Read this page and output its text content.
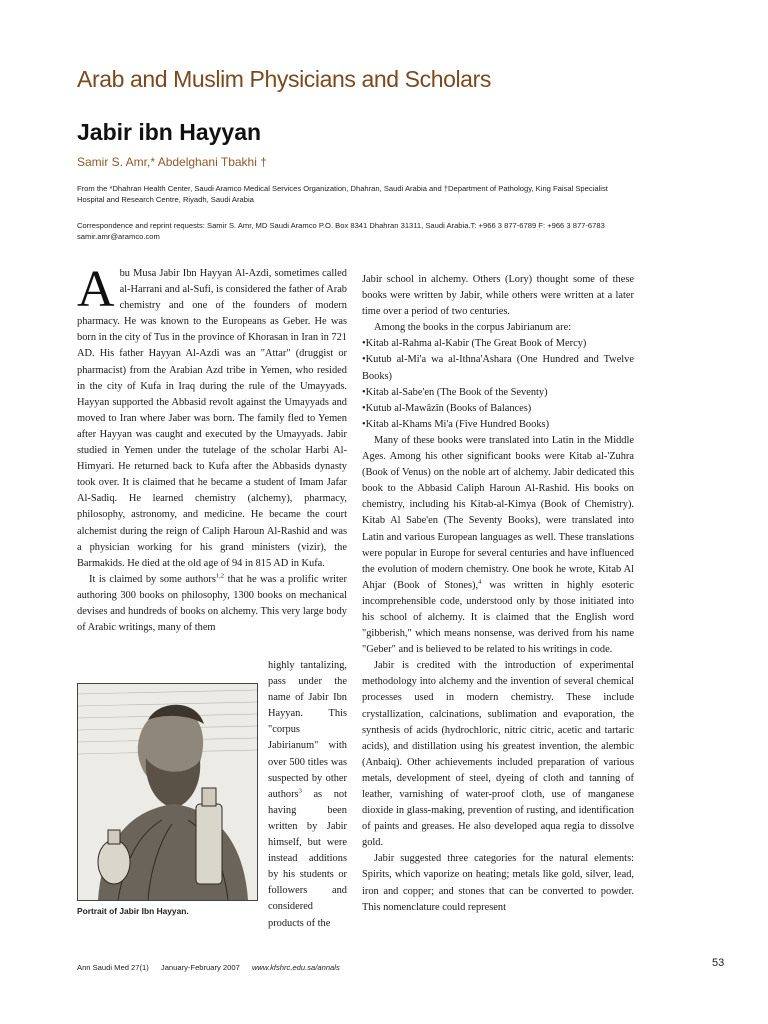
Arab and Muslim Physicians and Scholars
Jabir ibn Hayyan
Samir S. Amr,* Abdelghani Tbakhi †
From the *Dhahran Health Center, Saudi Aramco Medical Services Organization, Dhahran, Saudi Arabia and †Department of Pathology, King Faisal Specialist Hospital and Research Centre, Riyadh, Saudi Arabia
Correspondence and reprint requests: Samir S. Amr, MD Saudi Aramco P.O. Box 8341 Dhahran 31311, Saudi Arabia.T: +966 3 877-6789 F: +966 3 877-6783 samir.amr@aramco.com

Abu Musa Jabir Ibn Hayyan Al-Azdi, sometimes called al-Harrani and al-Sufi, is considered the father of Arab chemistry and one of the founders of modern pharmacy. He was known to the Europeans as Geber. He was born in the city of Tus in the province of Khorasan in Iran in 721 AD. His father Hayyan Al-Azdi was an "Attar" (druggist or pharmacist) from the Arabian Azd tribe in Yemen, who resided in the city of Kufa in Iraq during the rule of the Umayyads. Hayyan supported the Abbasid revolt against the Umayyads and moved to Iran where Jaber was born. The family fled to Yemen after Hayyan was caught and executed by the Umayyads. Jabir studied in Yemen under the tutelage of the scholar Harbi Al-Himyari. He returned back to Kufa after the Abbasids dynasty took over. It is claimed that he became a student of Imam Jafar Al-Sadiq. He learned chemistry (alchemy), pharmacy, philosophy, astronomy, and medicine. He became the court alchemist during the reign of Caliph Haroun Al-Rashid and was a physician working for his grand ministers (vizir), the Barmakids. He died at the old age of 94 in 815 AD in Kufa.

It is claimed by some authors$^{1,2}$ that he was a prolific writer authoring 300 books on philosophy, 1300 books on mechanical devises and hundreds of books on alchemy. This very large body of Arabic writings, many of them

highly tantalizing, pass under the name of Jabir Ibn Hayyan. This "corpus Jabirianum" with over 500 titles was suspected by other authors$^3$ as not having been written by Jabir himself, but were instead additions by his students or followers and considered products of the
Portrait of Jabir Ibn Hayyan.

Jabir school in alchemy. Others (Lory) thought some of these books were written by Jabir, while others were written at a later time over a period of two centuries.

Among the books in the corpus Jabirianum are:

•Kitab al-Rahma al-Kabir (The Great Book of Mercy)
•Kutub al-Mi'a wa al-Ithna'Ashara (One Hundred and Twelve Books)
•Kitab al-Sabe'en (The Book of the Seventy)
•Kutub al-Mawâzîn (Books of Balances)
•Kitab al-Khams Mi'a (Five Hundred Books)

Many of these books were translated into Latin in the Middle Ages. Among his other significant books were Kitab al-'Zuhra (Book of Venus) on the noble art of alchemy. Jabir dedicated this book to the Abbasid Caliph Haroun Al-Rashid. His books on chemistry, including his Kitab-al-Kimya (Book of Chemistry). Kitab Al Sabe'en (The Seventy Books), were translated into Latin and various European languages as well. These translations were popular in Europe for several centuries and have influenced the evolution of modern chemistry. One book he wrote, Kitab Al Ahjar (Book of Stones),$^4$ was written in highly esoteric incomprehensible code, understood only by those initiated into his school of alchemy. It is claimed that the English word "gibberish," which means nonsense, was derived from his name "Geber" and is believed to be related to his writings in code.

Jabir is credited with the introduction of experimental methodology into alchemy and the invention of several chemical processes used in modern chemistry. These include crystallization, calcinations, sublimation and evaporation, the synthesis of acids (hydrochloric, nitric citric, acetic and tartaric acids), and distillation using his greatest invention, the alembic (Anbaiq). Other achievements included preparation of various metals, development of steel, dyeing of cloth and tanning of leather, varnishing of water-proof cloth, use of manganese dioxide in glass-making, prevention of rusting, and identification of paints and greases. He also developed aqua regia to dissolve gold.

Jabir suggested three categories for the natural elements: Spirits, which vaporize on heating; metals like gold, silver, lead, iron and copper; and stones that can be converted to powder. This nomenclature could represent

Ann Saudi Med 27(1) January-February 2007 www.kfshrc.edu.sa/annals	53
